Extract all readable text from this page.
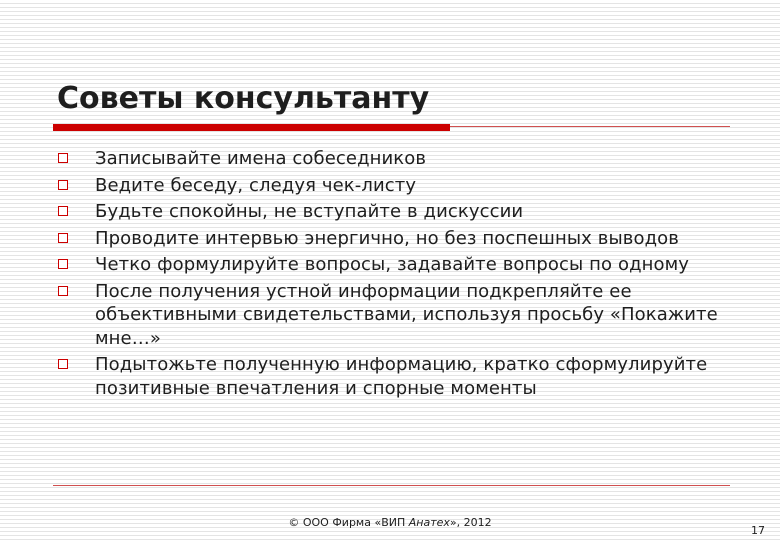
Советы консультанту
Записывайте имена собеседников
Ведите беседу, следуя чек-листу
Будьте спокойны, не вступайте в дискуссии
Проводите интервью энергично, но без поспешных выводов
Четко формулируйте вопросы, задавайте вопросы по одному
После получения устной информации подкрепляйте ее объективными свидетельствами, используя просьбу «Покажите мне…»
Подытожьте полученную информацию, кратко сформулируйте позитивные впечатления и спорные моменты
© ООО Фирма «ВИП Анатех», 2012
17
